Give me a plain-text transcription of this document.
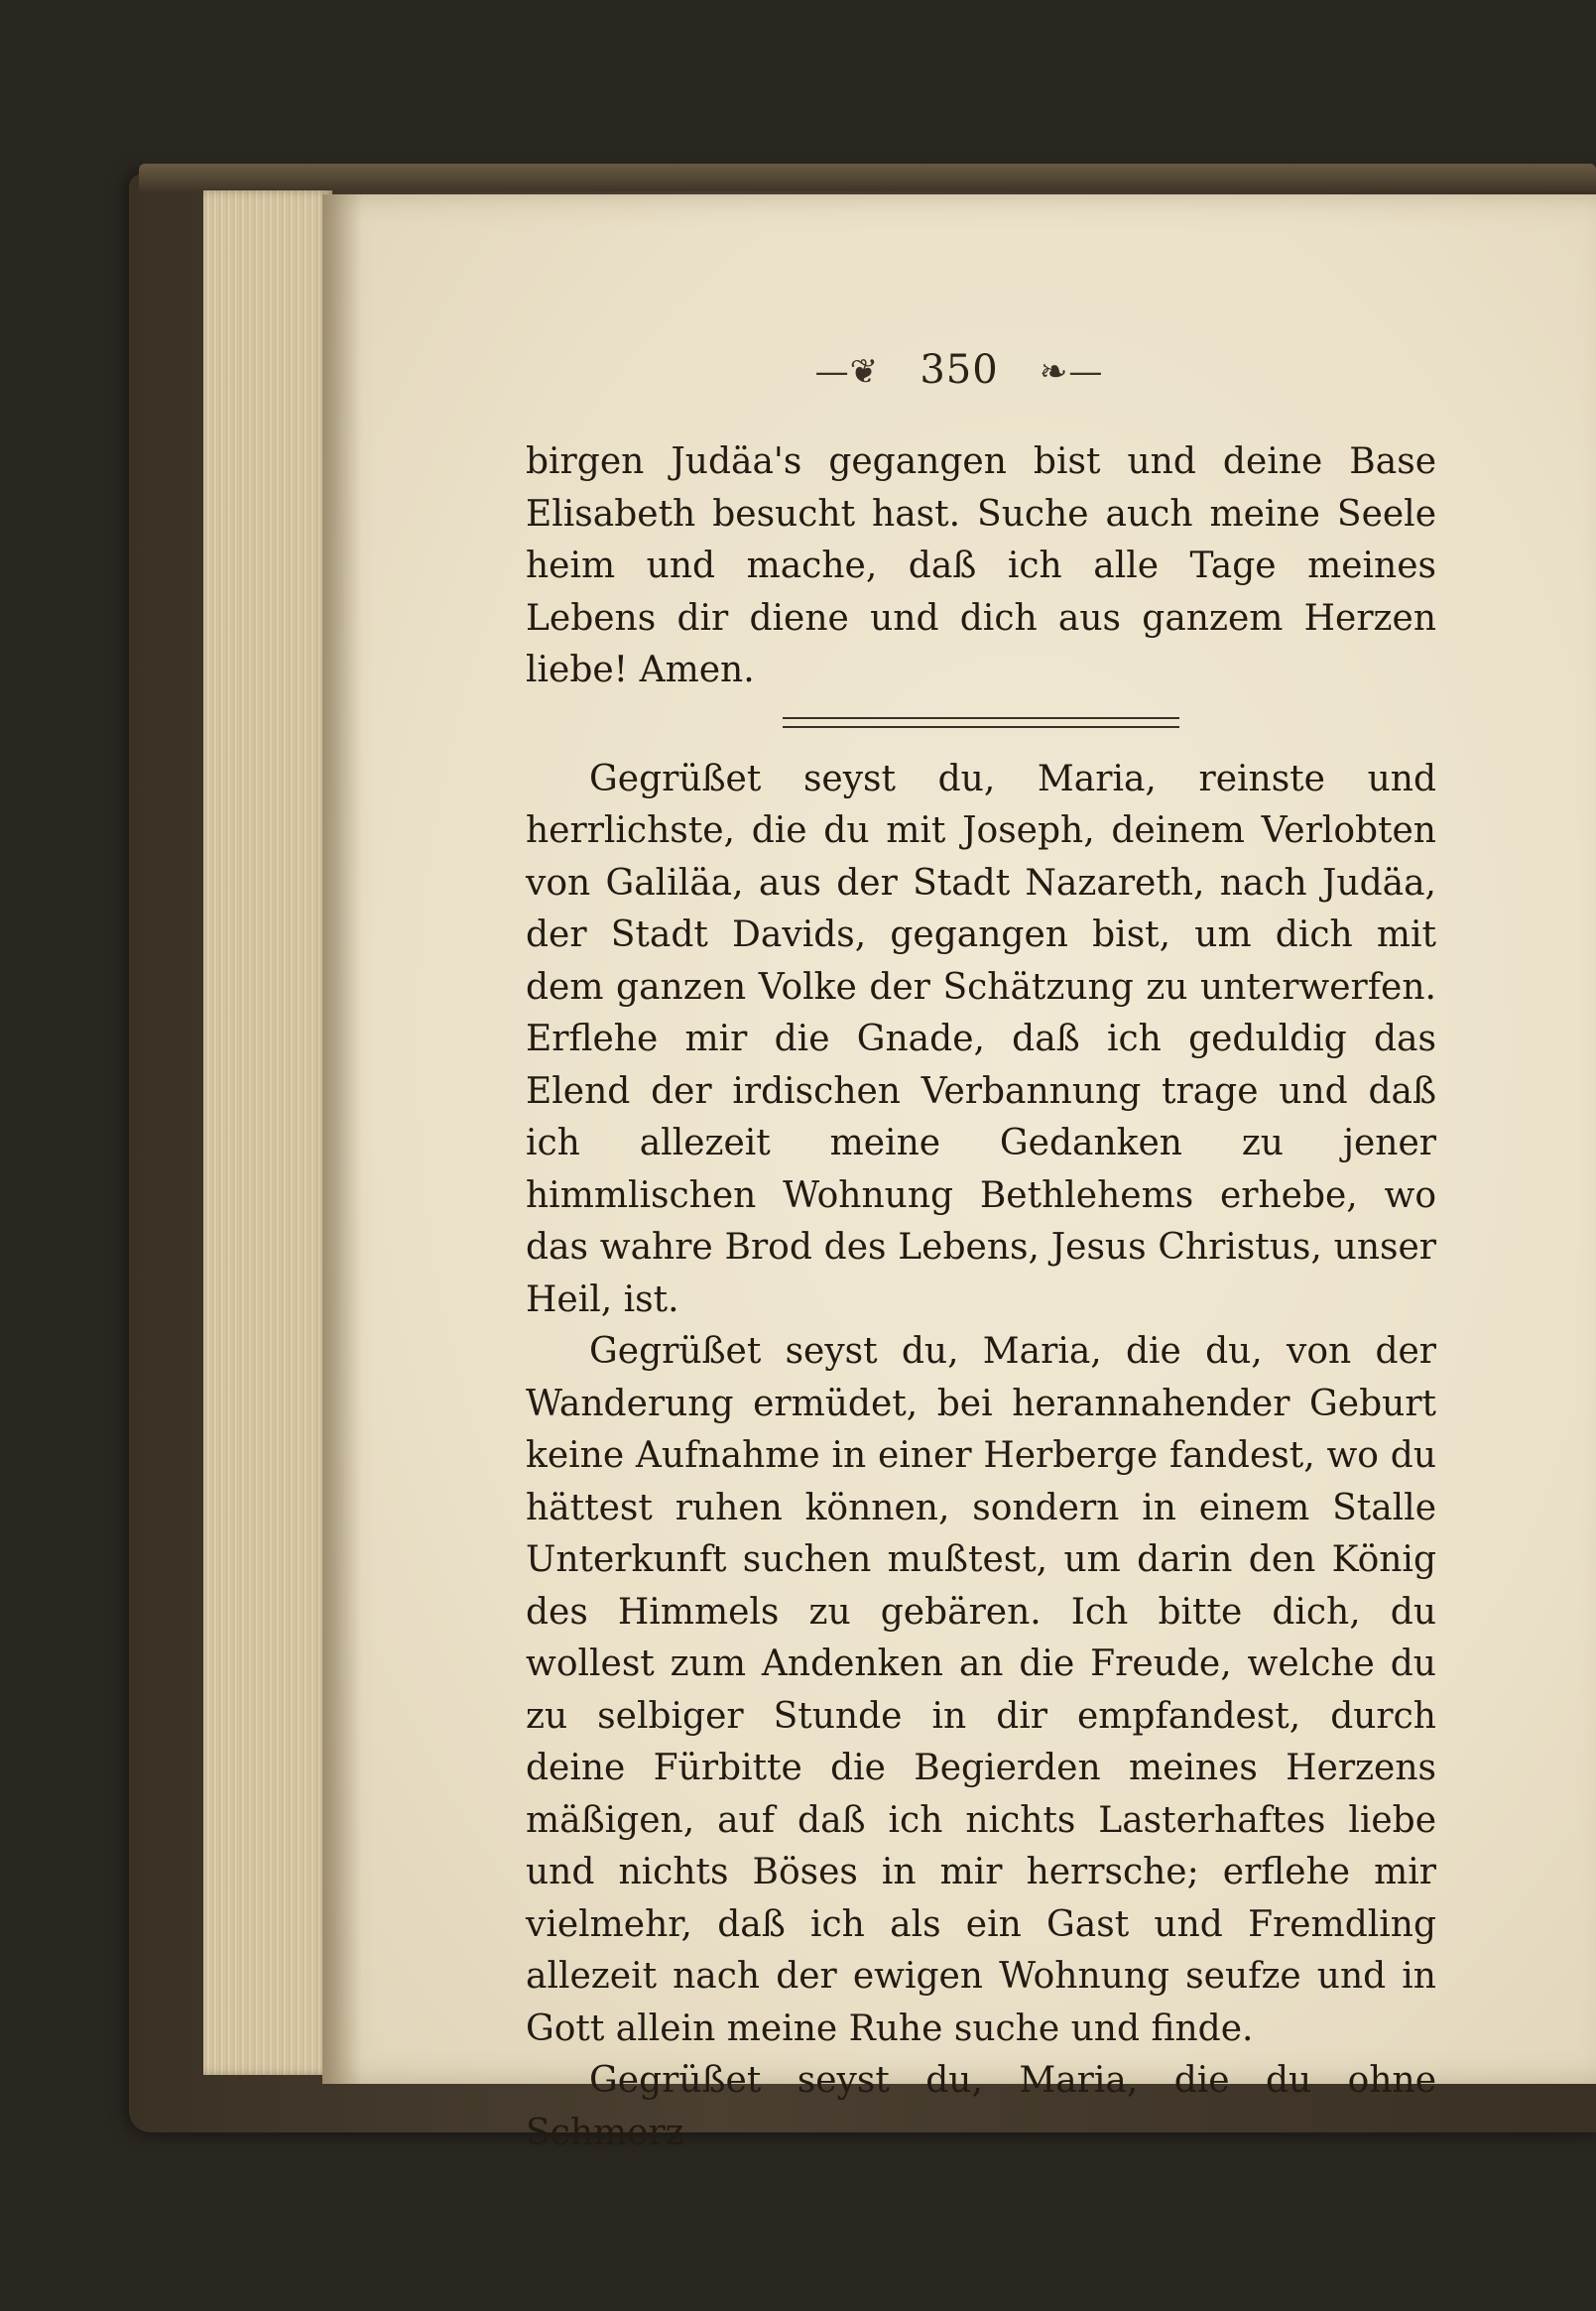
—❦ 350 ❧—

birgen Judäa's gegangen bist und deine Base Elisabeth besucht hast. Suche auch meine Seele heim und mache, daß ich alle Tage meines Lebens dir diene und dich aus ganzem Herzen liebe! Amen.

Gegrüßet seyst du, Maria, reinste und herrlichste, die du mit Joseph, deinem Verlobten von Galiläa, aus der Stadt Nazareth, nach Judäa, der Stadt Davids, gegangen bist, um dich mit dem ganzen Volke der Schätzung zu unterwerfen. Erflehe mir die Gnade, daß ich geduldig das Elend der irdischen Verbannung trage und daß ich allezeit meine Gedanken zu jener himmlischen Wohnung Bethlehems erhebe, wo das wahre Brod des Lebens, Jesus Christus, unser Heil, ist.

Gegrüßet seyst du, Maria, die du, von der Wanderung ermüdet, bei herannahender Geburt keine Aufnahme in einer Herberge fandest, wo du hättest ruhen können, sondern in einem Stalle Unterkunft suchen mußtest, um darin den König des Himmels zu gebären. Ich bitte dich, du wollest zum Andenken an die Freude, welche du zu selbiger Stunde in dir empfandest, durch deine Fürbitte die Begierden meines Herzens mäßigen, auf daß ich nichts Lasterhaftes liebe und nichts Böses in mir herrsche; erflehe mir vielmehr, daß ich als ein Gast und Fremdling allezeit nach der ewigen Wohnung seufze und in Gott allein meine Ruhe suche und finde.

Gegrüßet seyst du, Maria, die du ohne Schmerz
